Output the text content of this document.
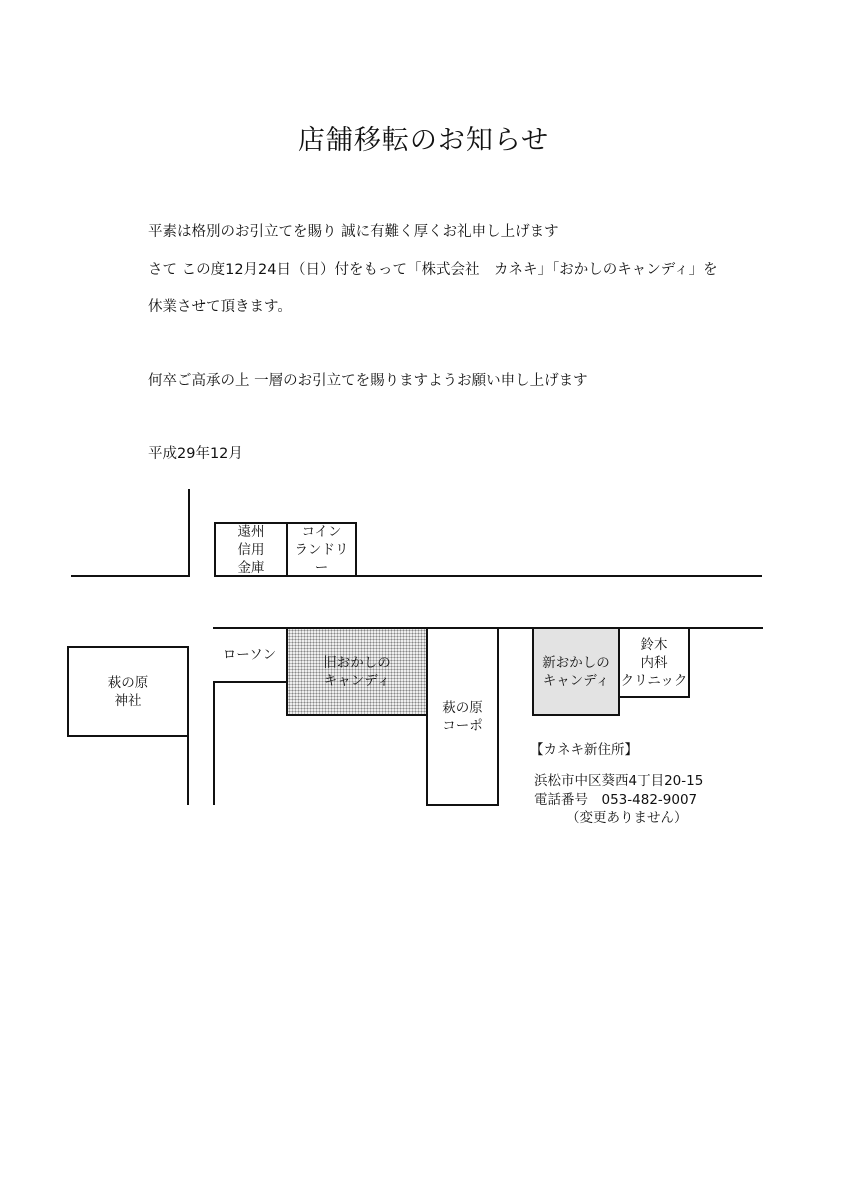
店舗移転のお知らせ
平素は格別のお引立てを賜り 誠に有難く厚くお礼申し上げます
さて この度12月24日（日）付をもって「株式会社　カネキ」「おかしのキャンディ」を
休業させて頂きます。
何卒ご高承の上 一層のお引立てを賜りますようお願い申し上げます
平成29年12月
遠州
信用
金庫
コイン
ランドリー
萩の原
神社
ローソン	旧おかしの
キャンディ
萩の原
コーポ
新おかしの
キャンディ
鈴木
内科
クリニック
【カネキ新住所】
浜松市中区葵西4丁目20-15
電話番号　053-482-9007
（変更ありません）
